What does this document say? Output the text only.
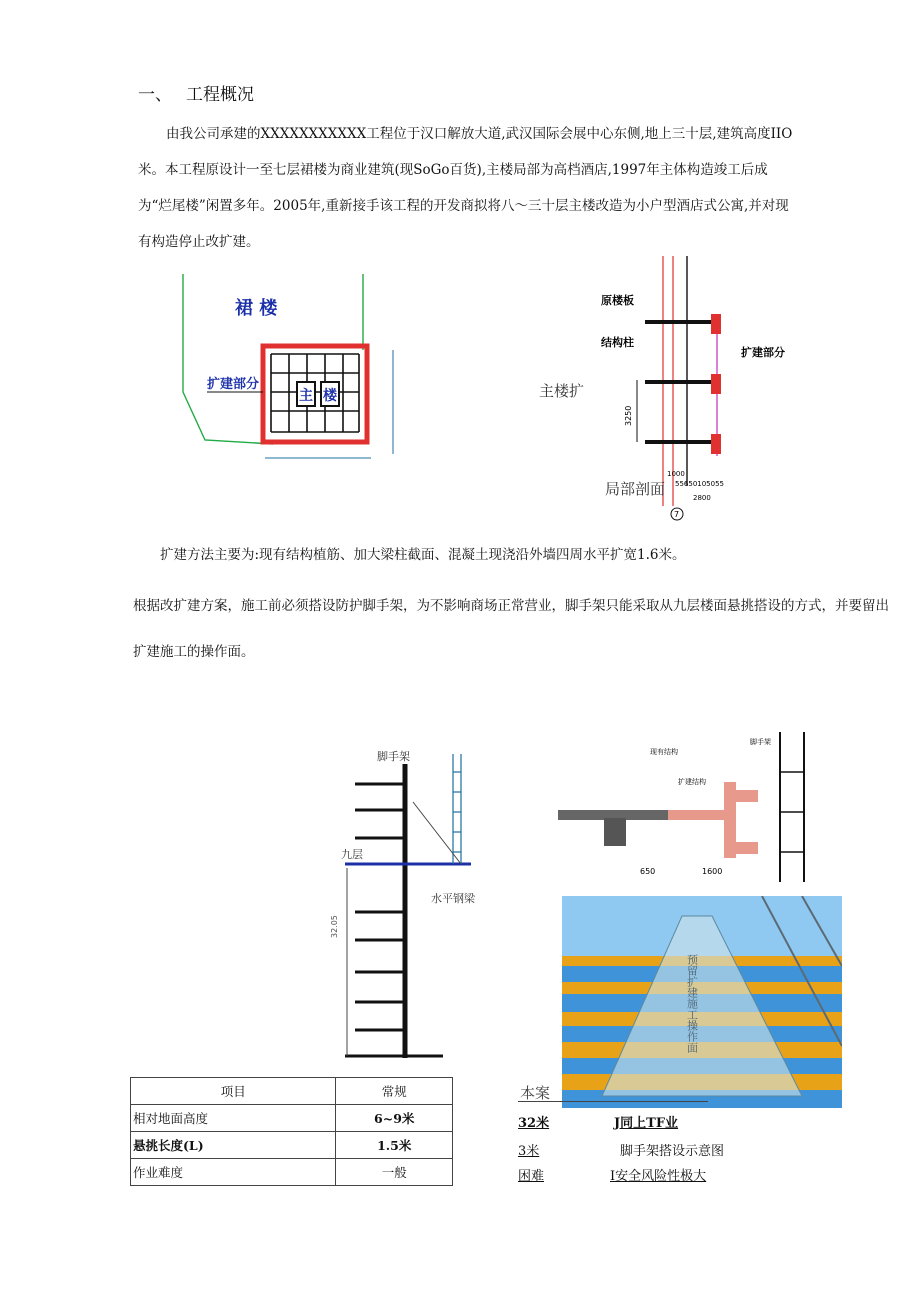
一、 工程概况
由我公司承建的XXXXXXXXXXX工程位于汉口解放大道,武汉国际会展中心东侧,地上三十层,建筑高度IIO米。本工程原设计一至七层裙楼为商业建筑(现SoGo百货),主楼局部为高档酒店,1997年主体构造竣工后成为“烂尾楼”闲置多年。2005年,重新接手该工程的开发商拟将八～三十层主楼改造为小户型酒店式公寓,并对现有构造停止改扩建。
裙 楼
主 楼
扩建部分
原楼板
结构柱
扩建部分
主楼扩
3250
局部剖面
1000
55650105055
2800
7
扩建方法主要为:现有结构植筋、加大梁柱截面、混凝土现浇沿外墙四周水平扩宽1.6米。
根据改扩建方案，施工前必须搭设防护脚手架，为不影响商场正常营业，脚手架只能采取从九层楼面悬挑搭设的方式，并要留出扩建施工的操作面。
脚手架
九层
水平钢梁
32.05
现有结构
扩建结构
脚手架
650	1600
预留扩建施工操作面
项目	常规
相对地面高度	6~9米
悬挑长度(L)	1.5米
作业难度	一般
本案
32米	J同上TF业
3米	脚手架搭设示意图
困难	I安全风险性极大
